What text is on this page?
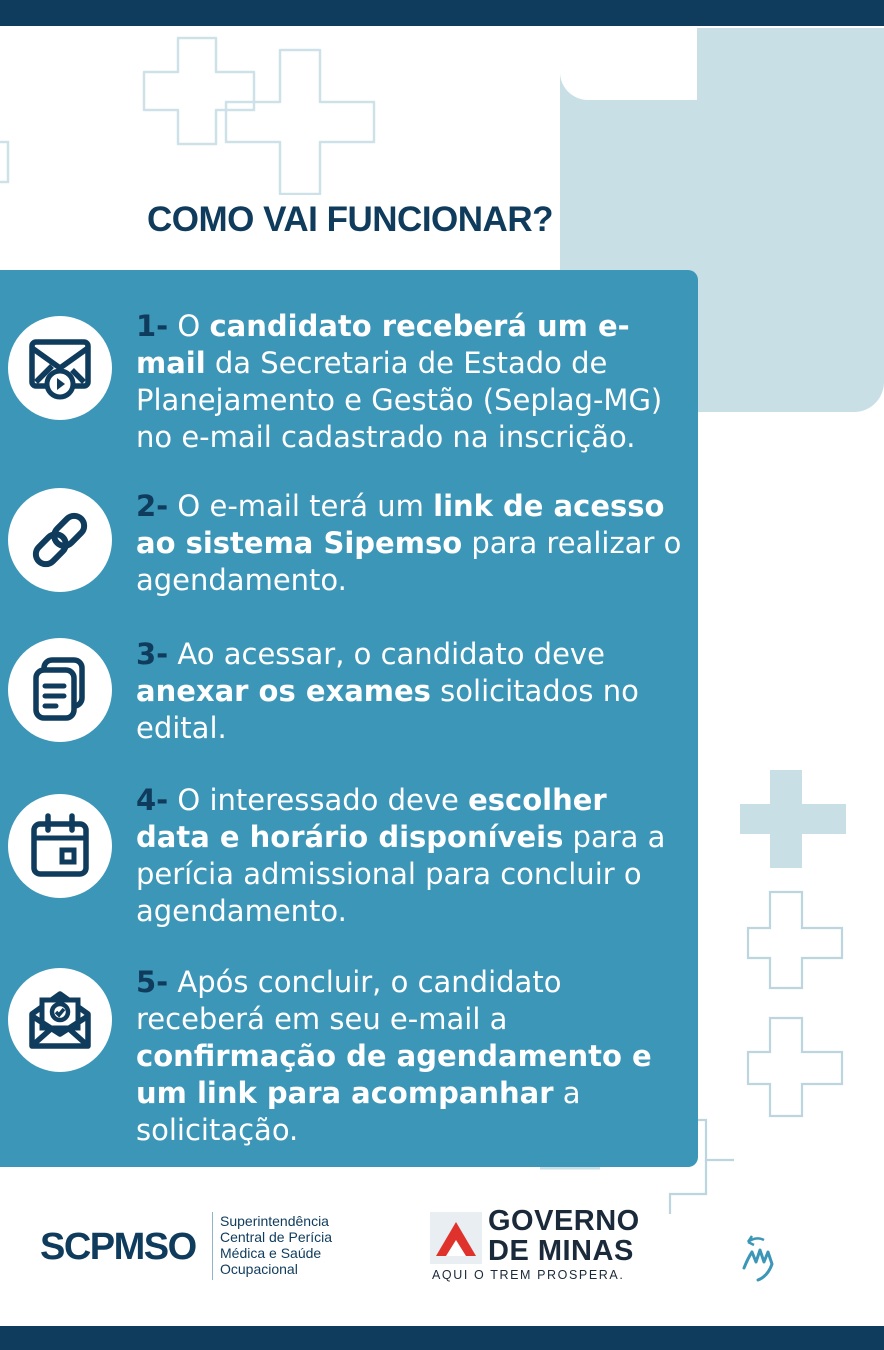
COMO VAI FUNCIONAR?
1- O candidato receberá um e-mail da Secretaria de Estado de Planejamento e Gestão (Seplag-MG) no e-mail cadastrado na inscrição.
2- O e-mail terá um link de acesso ao sistema Sipemso para realizar o agendamento.
3- Ao acessar, o candidato deve anexar os exames solicitados no edital.
4- O interessado deve escolher data e horário disponíveis para a perícia admissional para concluir o agendamento.
5- Após concluir, o candidato receberá em seu e-mail a confirmação de agendamento e um link para acompanhar a solicitação.
SCPMSO
Superintendência
Central de Perícia
Médica e Saúde
Ocupacional
GOVERNO
DE MINAS
AQUI O TREM PROSPERA.
